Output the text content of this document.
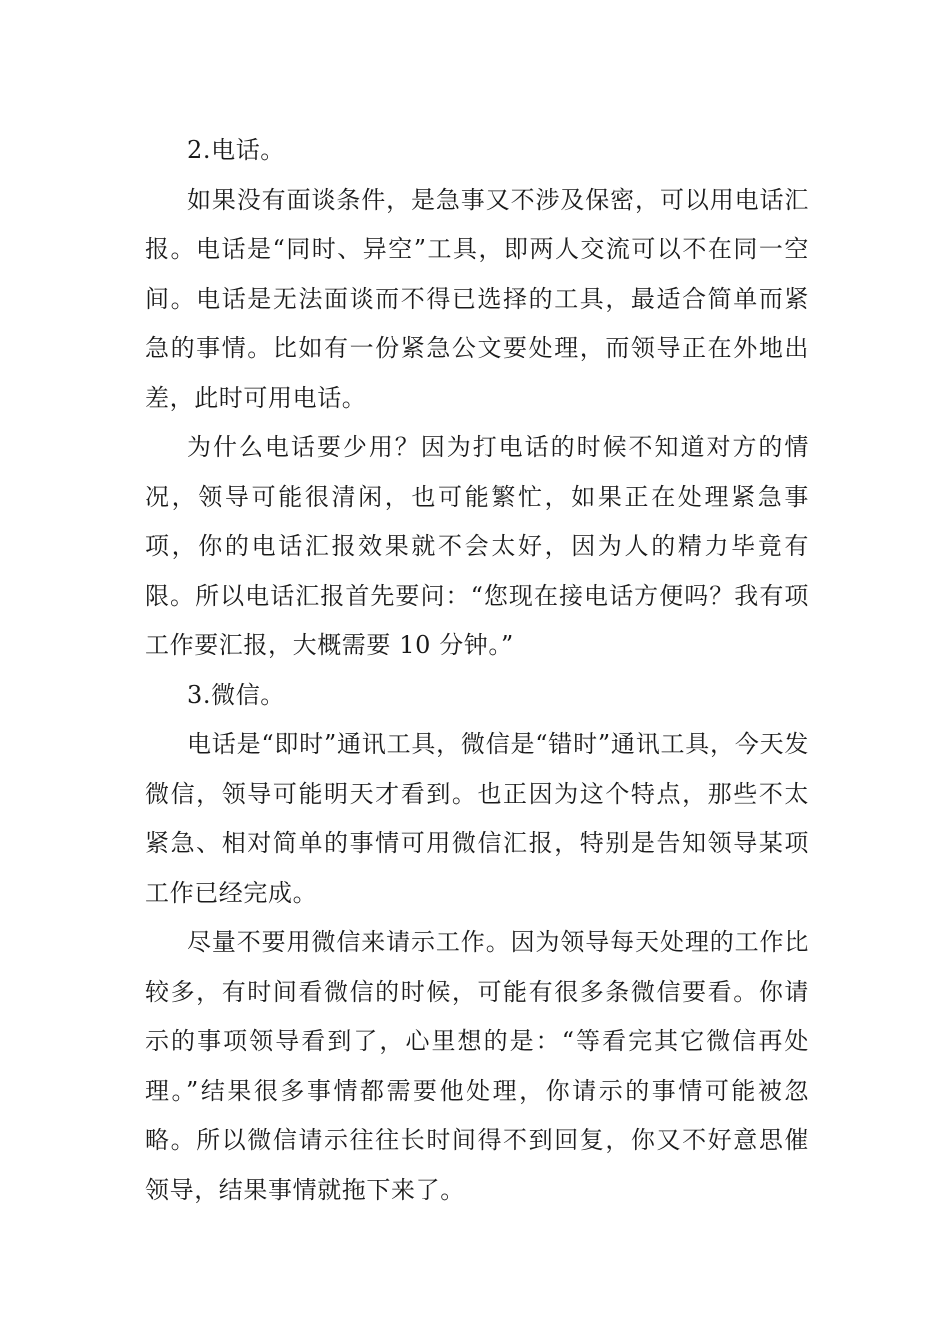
2.电话。

如果没有面谈条件，是急事又不涉及保密，可以用电话汇报。电话是“同时、异空”工具，即两人交流可以不在同一空间。电话是无法面谈而不得已选择的工具，最适合简单而紧急的事情。比如有一份紧急公文要处理，而领导正在外地出差，此时可用电话。

为什么电话要少用？因为打电话的时候不知道对方的情况，领导可能很清闲，也可能繁忙，如果正在处理紧急事项，你的电话汇报效果就不会太好，因为人的精力毕竟有限。所以电话汇报首先要问：“您现在接电话方便吗？我有项工作要汇报，大概需要 10 分钟。”

3.微信。

电话是“即时”通讯工具，微信是“错时”通讯工具，今天发微信，领导可能明天才看到。也正因为这个特点，那些不太紧急、相对简单的事情可用微信汇报，特别是告知领导某项工作已经完成。

尽量不要用微信来请示工作。因为领导每天处理的工作比较多，有时间看微信的时候，可能有很多条微信要看。你请示的事项领导看到了，心里想的是：“等看完其它微信再处理。”结果很多事情都需要他处理，你请示的事情可能被忽略。所以微信请示往往长时间得不到回复，你又不好意思催领导，结果事情就拖下来了。
